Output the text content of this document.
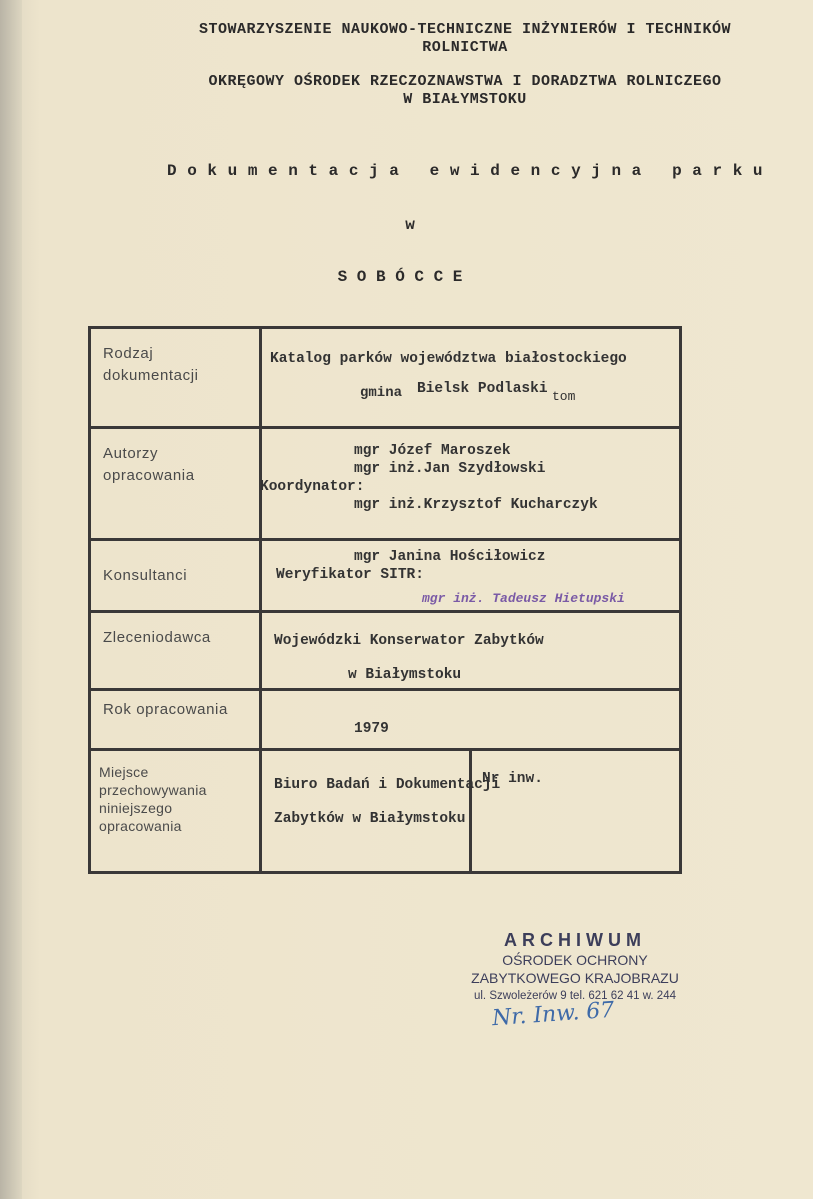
STOWARZYSZENIE NAUKOWO-TECHNICZNE INŻYNIERÓW I TECHNIKÓW
ROLNICTWA
OKRĘGOWY OŚRODEK RZECZOZNAWSTWA I DORADZTWA ROLNICZEGO
W BIAŁYMSTOKU
D o k u m e n t a c j a   e w i d e n c y j n a   p a r k u
w
S O B Ó C C E
Rodzaj dokumentacji	Katalog parków województwa białostockiego
gmina Bielsk Podlaski tom	

Autorzy opracowania	mgr Józef Maroszek
mgr inż.Jan Szydłowski
Koordynator:
mgr inż.Krzysztof Kucharczyk	

Konsultanci	mgr Janina Hościłowicz
Weryfikator SITR:
mgr inż. Tadeusz Hietupski	

Zleceniodawca	Wojewódzki Konserwator Zabytków
w Białymstoku	

Rok opracowania	1979	

Miejsce przechowywania niniejszego opracowania	Biuro Badań i Dokumentacji
Zabytków w Białymstoku	Nr inw.
ARCHIWUM
OŚRODEK OCHRONY
ZABYTKOWEGO KRAJOBRAZU
ul. Szwoleżerów 9 tel. 621 62 41 w. 244
Nr. Inw. 67
